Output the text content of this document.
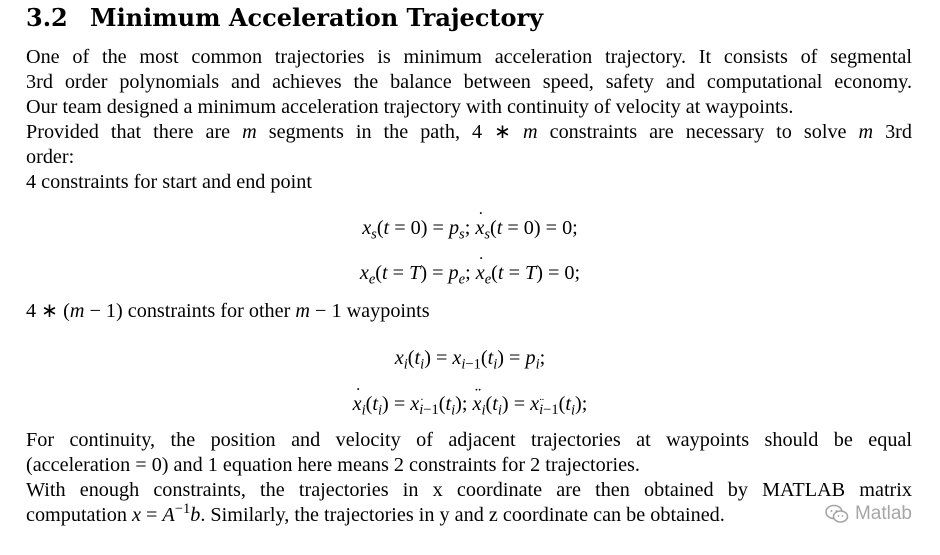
3.2 Minimum Acceleration Trajectory
One of the most common trajectories is minimum acceleration trajectory. It consists of segmental
3rd order polynomials and achieves the balance between speed, safety and computational economy.
Our team designed a minimum acceleration trajectory with continuity of velocity at waypoints.
Provided that there are m segments in the path, 4 ∗ m constraints are necessary to solve m 3rd
order:
4 constraints for start and end point
$x_s(t = 0) = p_s$; x $˙_s(t = 0) = 0$;
$x_e(t = T) = p_e$; x $˙_e(t = T) = 0$;
4 ∗ (m − 1) constraints for other m − 1 waypoints
$x_i(t_i) = x_{i-1}(t_i) = p_i$;
x $˙_i(t_i) = x_{i-1}(t_i)$; x $¨_i(t_i) = x_{i-1}(t_i)$;
For continuity, the position and velocity of adjacent trajectories at waypoints should be equal
(acceleration = 0) and 1 equation here means 2 constraints for 2 trajectories.
With enough constraints, the trajectories in x coordinate are then obtained by MATLAB matrix
computation $x = A^{-1}b$. Similarly, the trajectories in y and z coordinate can be obtained.	Matlab
